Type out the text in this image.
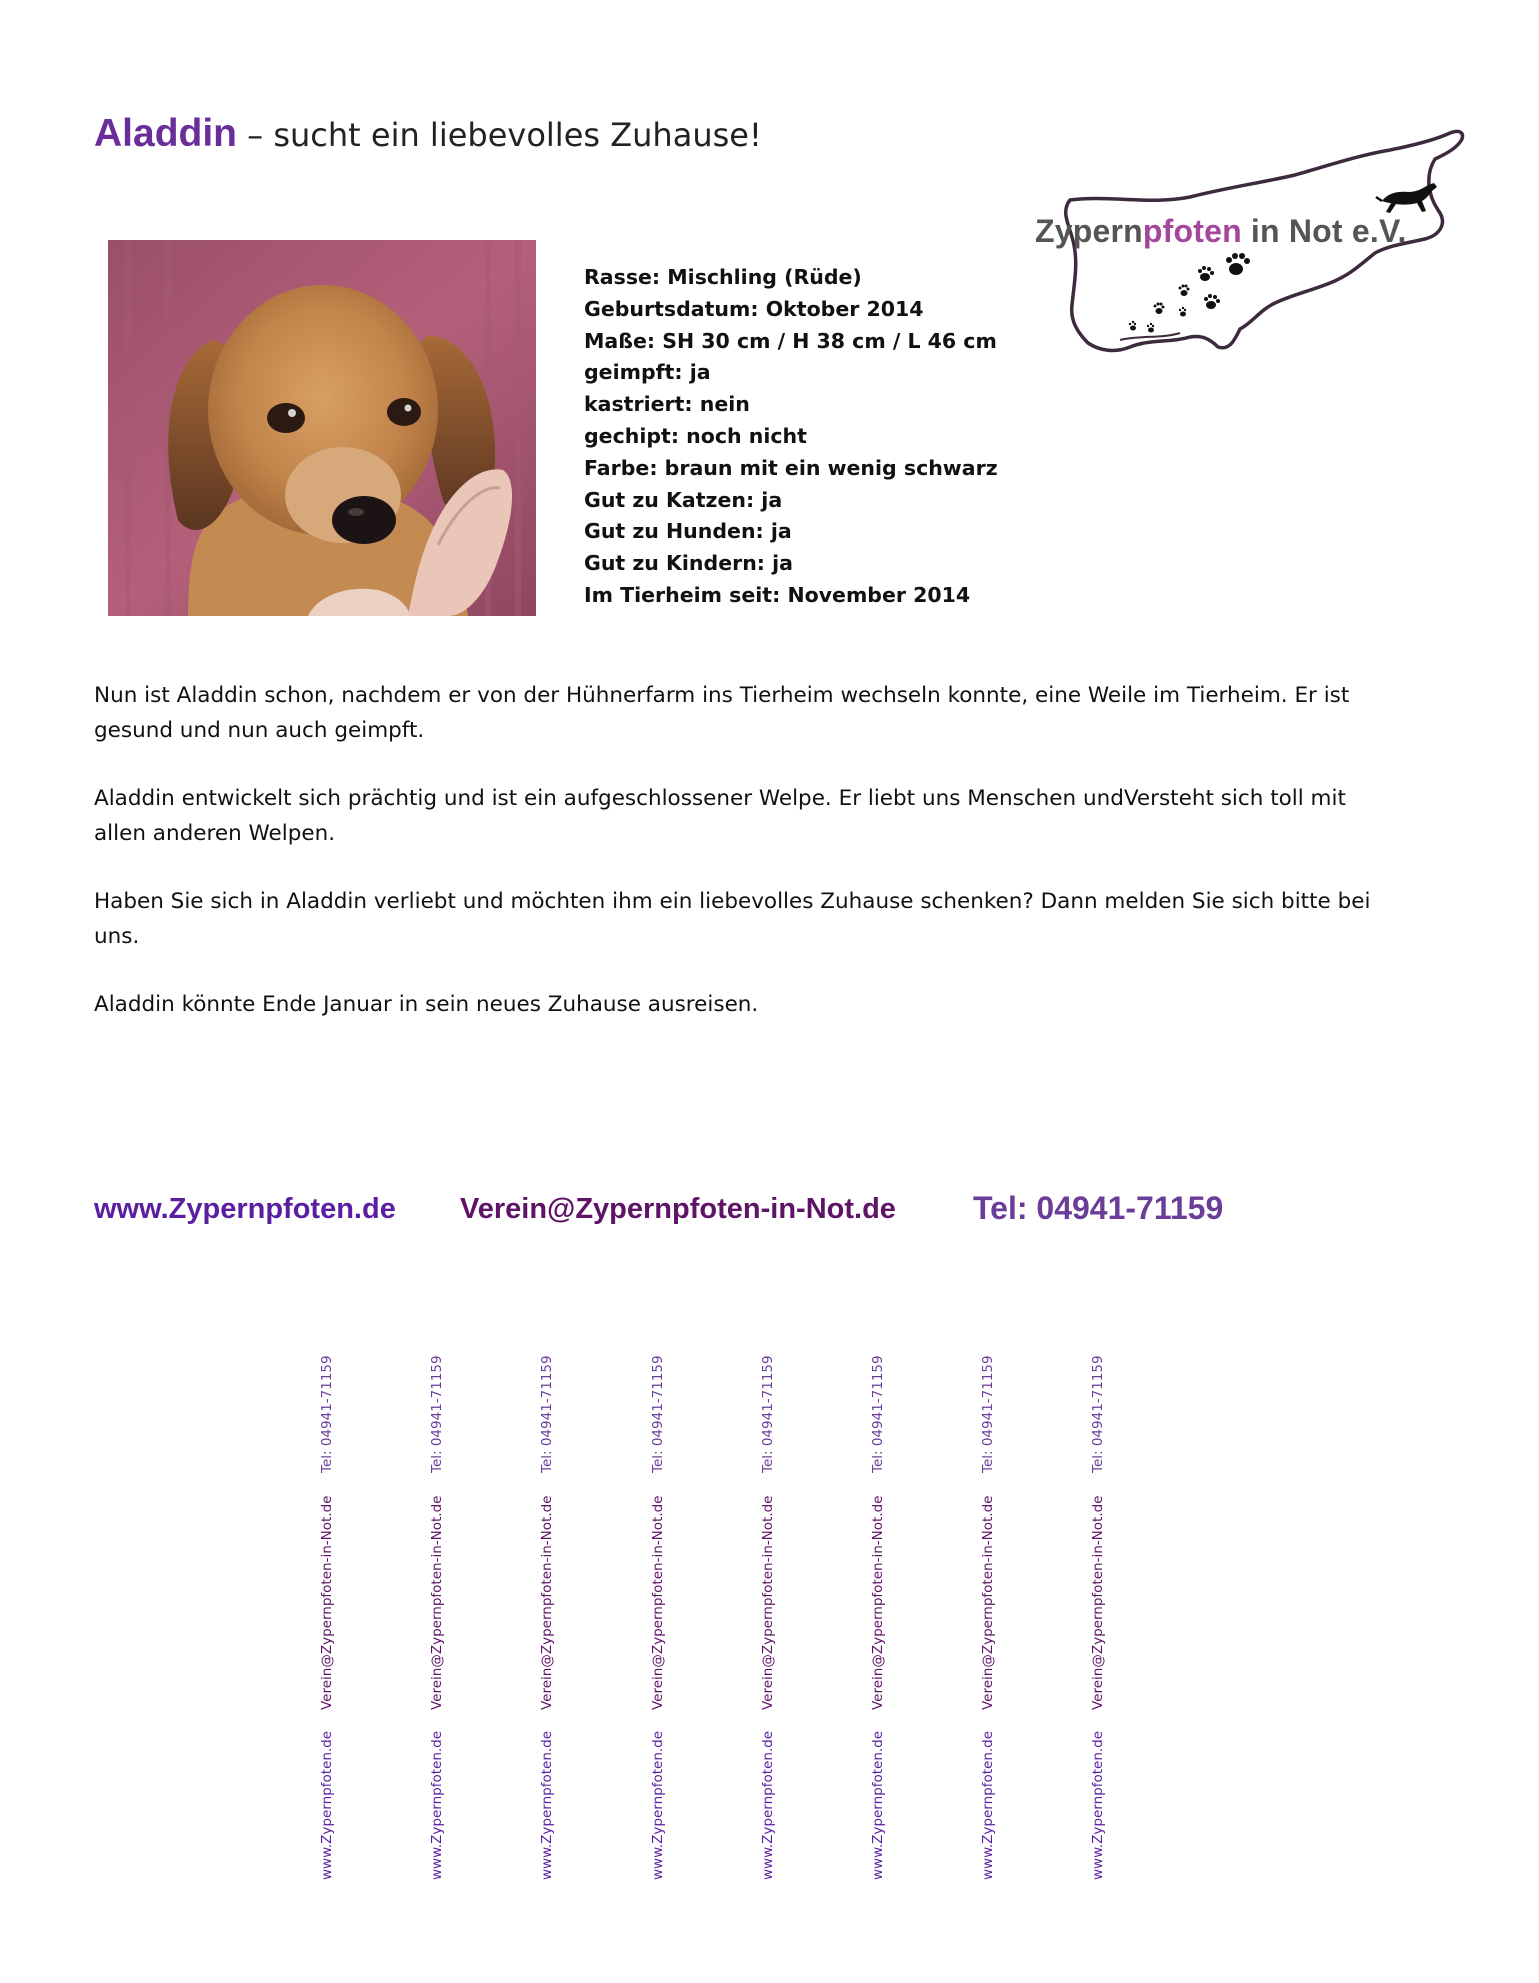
Aladdin – sucht ein liebevolles Zuhause!
Zypernpfoten in Not e.V.
Rasse: Mischling (Rüde)
Geburtsdatum: Oktober 2014
Maße: SH 30 cm / H 38 cm / L 46 cm
geimpft: ja
kastriert: nein
gechipt: noch nicht
Farbe: braun mit ein wenig schwarz
Gut zu Katzen: ja
Gut zu Hunden: ja
Gut zu Kindern: ja
Im Tierheim seit: November 2014

Nun ist Aladdin schon, nachdem er von der Hühnerfarm ins Tierheim wechseln konnte, eine Weile im Tierheim. Er ist gesund und nun auch geimpft.

Aladdin entwickelt sich prächtig und ist ein aufgeschlossener Welpe. Er liebt uns Menschen undVersteht sich toll mit allen anderen Welpen.

Haben Sie sich in Aladdin verliebt und möchten ihm ein liebevolles Zuhause schenken? Dann melden Sie sich bitte bei uns.

Aladdin könnte Ende Januar in sein neues Zuhause ausreisen.

www.Zypernpfoten.de Verein@Zypernpfoten-in-Not.de Tel: 04941-71159
Tel: 04941-71159
Verein@Zypernpfoten-in-Not.de
www.Zypernpfoten.de
Tel: 04941-71159
Verein@Zypernpfoten-in-Not.de
www.Zypernpfoten.de
Tel: 04941-71159
Verein@Zypernpfoten-in-Not.de
www.Zypernpfoten.de
Tel: 04941-71159
Verein@Zypernpfoten-in-Not.de
www.Zypernpfoten.de
Tel: 04941-71159
Verein@Zypernpfoten-in-Not.de
www.Zypernpfoten.de
Tel: 04941-71159
Verein@Zypernpfoten-in-Not.de
www.Zypernpfoten.de
Tel: 04941-71159
Verein@Zypernpfoten-in-Not.de
www.Zypernpfoten.de
Tel: 04941-71159
Verein@Zypernpfoten-in-Not.de
www.Zypernpfoten.de
